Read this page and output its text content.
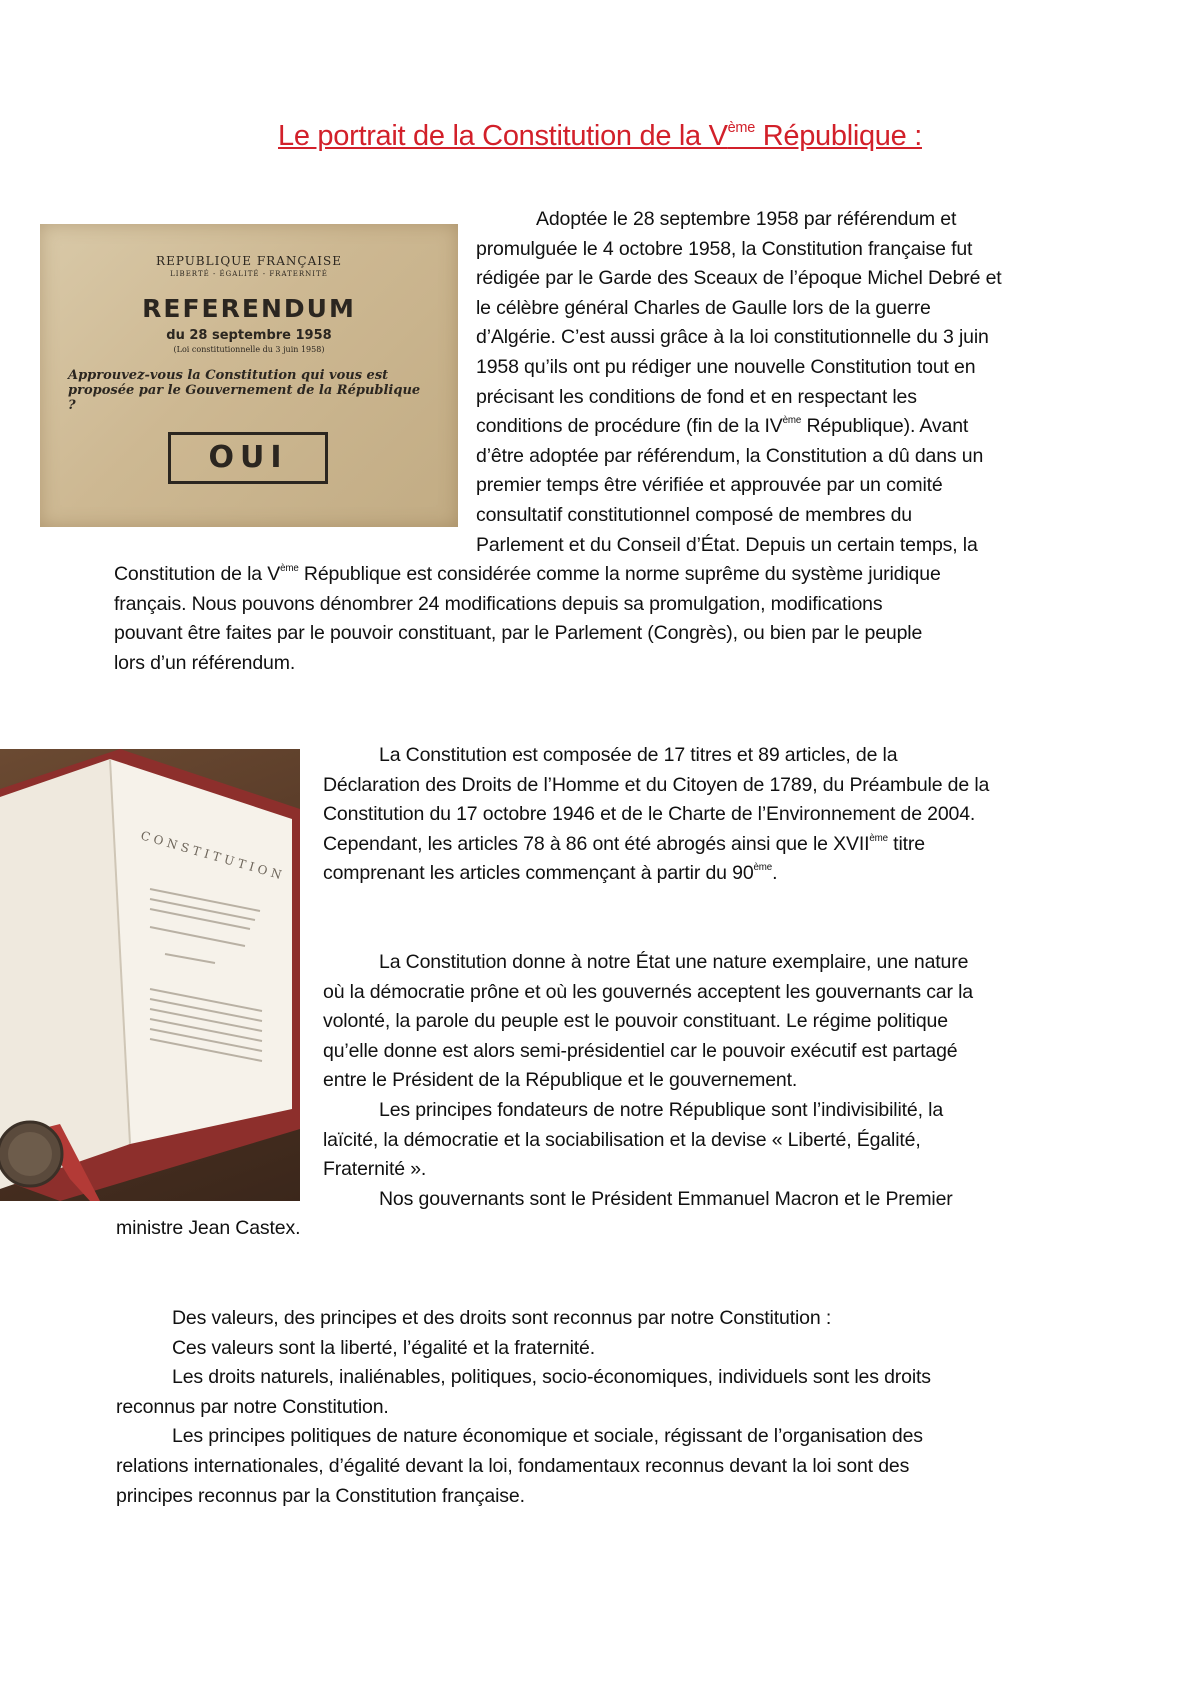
Le portrait de la Constitution de la Vème République :
REPUBLIQUE FRANÇAISE
LIBERTÉ - ÉGALITÉ - FRATERNITÉ
REFERENDUM
du 28 septembre 1958
(Loi constitutionnelle du 3 juin 1958)
Approuvez-vous la Constitution qui vous est proposée par le Gouvernement de la République ?
OUI
CONSTITUTION
Adoptée le 28 septembre 1958 par référendum et
promulguée le 4 octobre 1958, la Constitution française fut
rédigée par le Garde des Sceaux de l’époque Michel Debré et
le célèbre général Charles de Gaulle lors de la guerre
d’Algérie. C’est aussi grâce à la loi constitutionnelle du 3 juin
1958 qu’ils ont pu rédiger une nouvelle Constitution tout en
précisant les conditions de fond et en respectant les
conditions de procédure (fin de la IVème République). Avant
d’être adoptée par référendum, la Constitution a dû dans un
premier temps être vérifiée et approuvée par un comité
consultatif constitutionnel composé de membres du
Parlement et du Conseil d’État. Depuis un certain temps, la
Constitution de la Vème République est considérée comme la norme suprême du système juridique
français. Nous pouvons dénombrer 24 modifications depuis sa promulgation, modifications
pouvant être faites par le pouvoir constituant, par le Parlement (Congrès), ou bien par le peuple
lors d’un référendum.
La Constitution est composée de 17 titres et 89 articles, de la
Déclaration des Droits de l’Homme et du Citoyen de 1789, du Préambule de la
Constitution du 17 octobre 1946 et de le Charte de l’Environnement de 2004.
Cependant, les articles 78 à 86 ont été abrogés ainsi que le XVIIème titre
comprenant les articles commençant à partir du 90ème.
La Constitution donne à notre État une nature exemplaire, une nature
où la démocratie prône et où les gouvernés acceptent les gouvernants car la
volonté, la parole du peuple est le pouvoir constituant. Le régime politique
qu’elle donne est alors semi-présidentiel car le pouvoir exécutif est partagé
entre le Président de la République et le gouvernement.
Les principes fondateurs de notre République sont l’indivisibilité, la
laïcité, la démocratie et la sociabilisation et la devise « Liberté, Égalité,
Fraternité ».
Nos gouvernants sont le Président Emmanuel Macron et le Premier
ministre Jean Castex.
Des valeurs, des principes et des droits sont reconnus par notre Constitution :
Ces valeurs sont la liberté, l’égalité et la fraternité.
Les droits naturels, inaliénables, politiques, socio-économiques, individuels sont les droits
reconnus par notre Constitution.
Les principes politiques de nature économique et sociale, régissant de l’organisation des
relations internationales, d’égalité devant la loi, fondamentaux reconnus devant la loi sont des
principes reconnus par la Constitution française.
